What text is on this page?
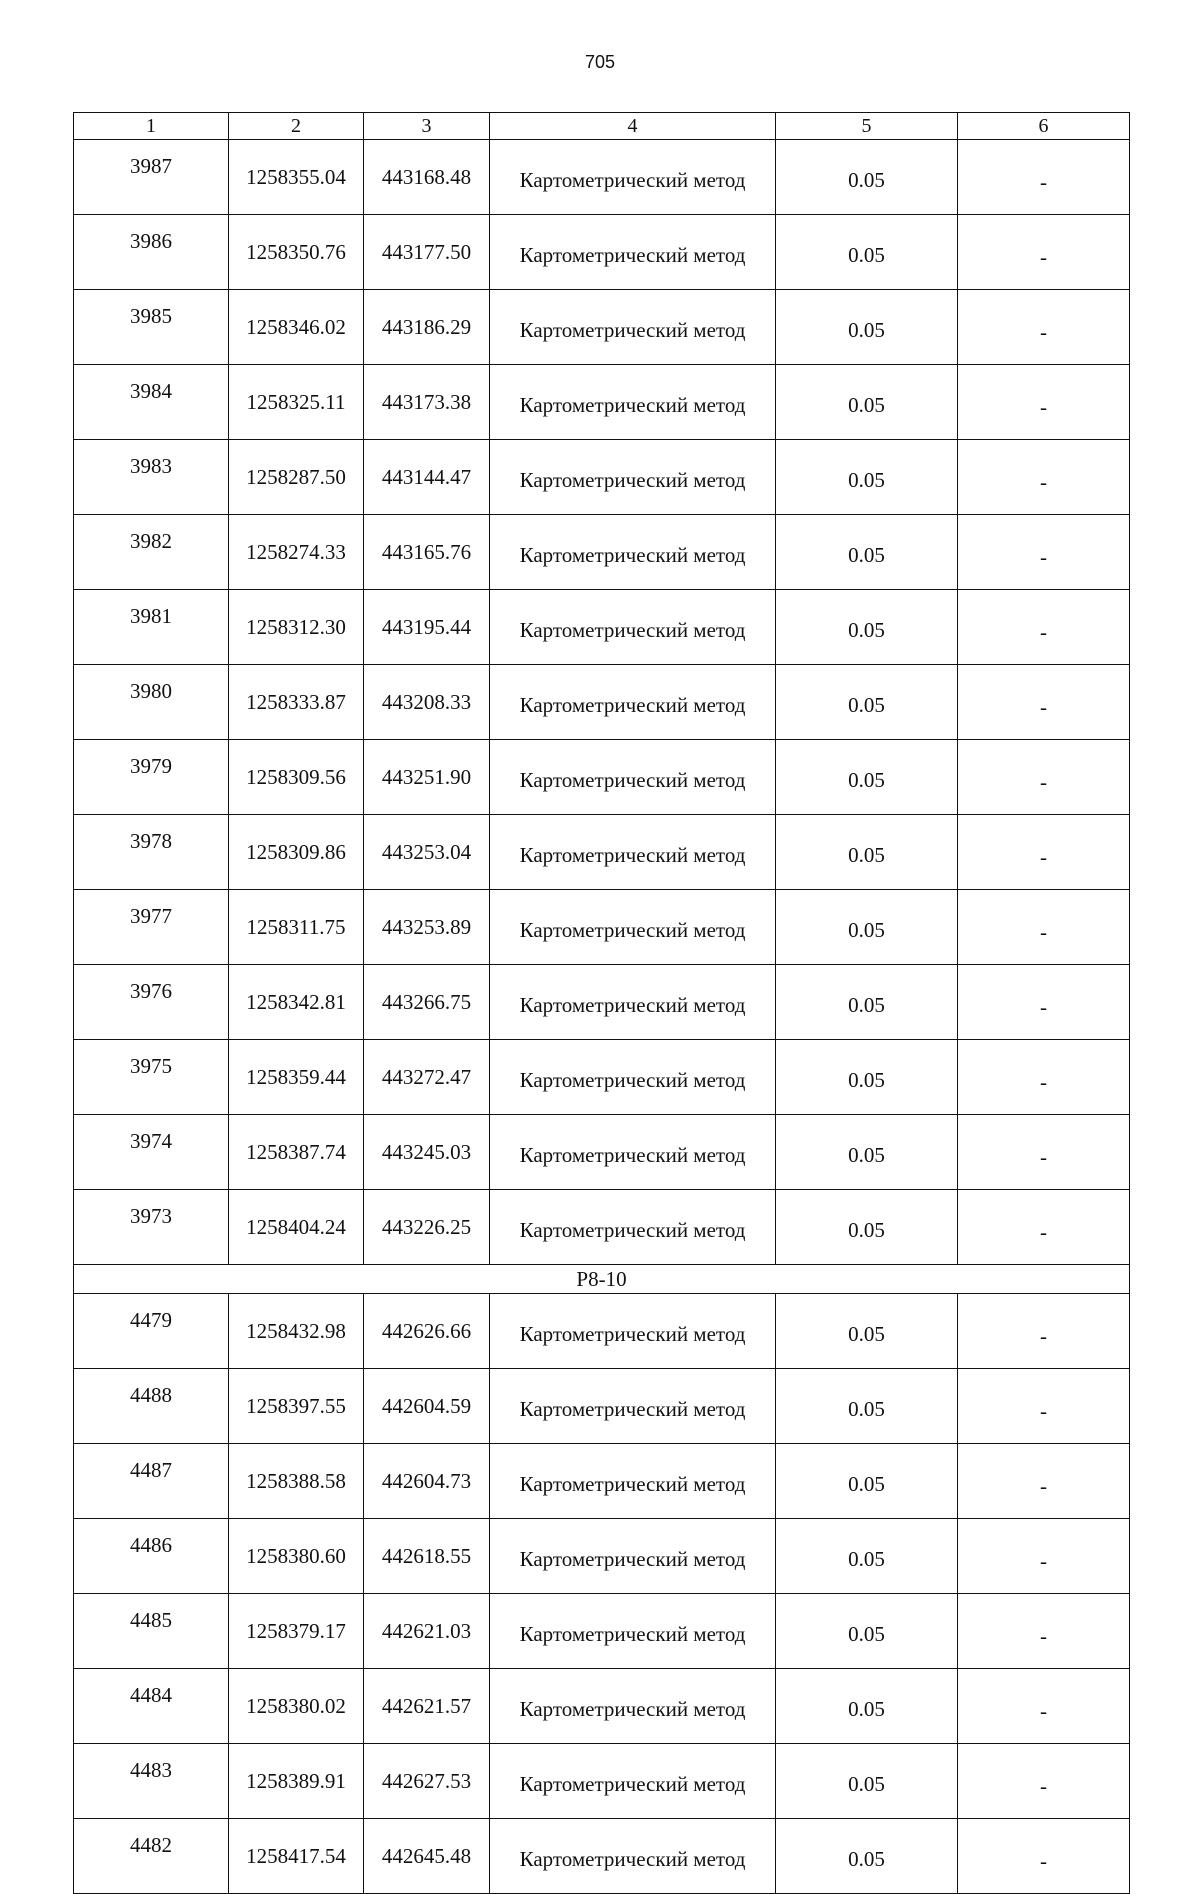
705
1	2	3	4	5	6
3987	1258355.04	443168.48	Картометрический метод	0.05	-
3986	1258350.76	443177.50	Картометрический метод	0.05	-
3985	1258346.02	443186.29	Картометрический метод	0.05	-
3984	1258325.11	443173.38	Картометрический метод	0.05	-
3983	1258287.50	443144.47	Картометрический метод	0.05	-
3982	1258274.33	443165.76	Картометрический метод	0.05	-
3981	1258312.30	443195.44	Картометрический метод	0.05	-
3980	1258333.87	443208.33	Картометрический метод	0.05	-
3979	1258309.56	443251.90	Картометрический метод	0.05	-
3978	1258309.86	443253.04	Картометрический метод	0.05	-
3977	1258311.75	443253.89	Картометрический метод	0.05	-
3976	1258342.81	443266.75	Картометрический метод	0.05	-
3975	1258359.44	443272.47	Картометрический метод	0.05	-
3974	1258387.74	443245.03	Картометрический метод	0.05	-
3973	1258404.24	443226.25	Картометрический метод	0.05	-
Р8-10					
4479	1258432.98	442626.66	Картометрический метод	0.05	-
4488	1258397.55	442604.59	Картометрический метод	0.05	-
4487	1258388.58	442604.73	Картометрический метод	0.05	-
4486	1258380.60	442618.55	Картометрический метод	0.05	-
4485	1258379.17	442621.03	Картометрический метод	0.05	-
4484	1258380.02	442621.57	Картометрический метод	0.05	-
4483	1258389.91	442627.53	Картометрический метод	0.05	-
4482	1258417.54	442645.48	Картометрический метод	0.05	-
